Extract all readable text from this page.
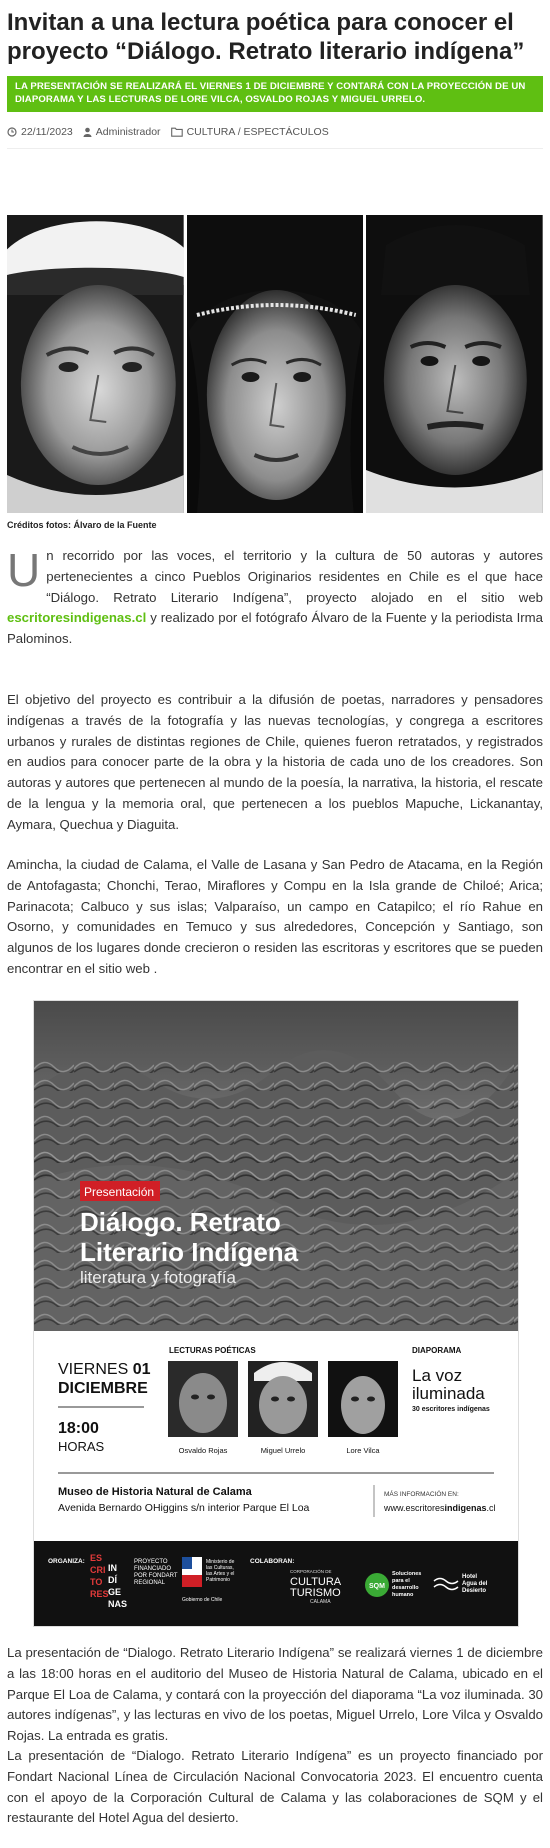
Invitan a una lectura poética para conocer el proyecto “Diálogo. Retrato literario indígena”
LA PRESENTACIÓN SE REALIZARÁ EL VIERNES 1 DE DICIEMBRE Y CONTARÁ CON LA PROYECCIÓN DE UN DIAPORAMA Y LAS LECTURAS DE LORE VILCA, OSVALDO ROJAS Y MIGUEL URRELO.
22/11/2023 Administrador CULTURA / ESPECTÁCULOS
Créditos fotos: Álvaro de la Fuente
U n recorrido por las voces, el territorio y la cultura de 50 autoras y autores pertenecientes a cinco Pueblos Originarios residentes en Chile es el que hace “Diálogo. Retrato Literario Indígena”, proyecto alojado en el sitio web escritoresindigenas.cl y realizado por el fotógrafo Álvaro de la Fuente y la periodista Irma Palominos.

El objetivo del proyecto es contribuir a la difusión de poetas, narradores y pensadores indígenas a través de la fotografía y las nuevas tecnologías, y congrega a escritores urbanos y rurales de distintas regiones de Chile, quienes fueron retratados, y registrados en audios para conocer parte de la obra y la historia de cada uno de los creadores. Son autoras y autores que pertenecen al mundo de la poesía, la narrativa, la historia, el rescate de la lengua y la memoria oral, que pertenecen a los pueblos Mapuche, Lickanantay, Aymara, Quechua y Diaguita.

Amincha, la ciudad de Calama, el Valle de Lasana y San Pedro de Atacama, en la Región de Antofagasta; Chonchi, Terao, Miraflores y Compu en la Isla grande de Chiloé; Arica; Parinacota; Calbuco y sus islas; Valparaíso, un campo en Catapilco; el río Rahue en Osorno, y comunidades en Temuco y sus alrededores, Concepción y Santiago, son algunos de los lugares donde crecieron o residen las escritoras y escritores que se pueden encontrar en el sitio web .

Presentación
Diálogo. Retrato
Literario Indígena
literatura y fotografía
VIERNES 01
DICIEMBRE
18:00
HORAS
LECTURAS POÉTICAS
Osvaldo Rojas	Miguel Urrelo	Lore Vilca
DIAPORAMA
La voz
iluminada
30 escritores indígenas
Museo de Historia Natural de Calama
Avenida Bernardo OHiggins s/n interior Parque El Loa
MÁS INFORMACIÓN EN:
www.escritoresindigenas.cl
ORGANIZA: ES
CRI
TO
RES
IN
DÍ
GE
NAS
PROYECTO
FINANCIADO
POR FONDART
REGIONAL
Ministerio de
las Culturas,
las Artes y el
Patrimonio
Gobierno de Chile
COLABORAN:
CORPORACIÓN DE
CULTURA
TURISMO
CALAMA
SQM
Soluciones
para el
desarrollo
humano
Hotel
Agua del
Desierto

La presentación de “Dialogo. Retrato Literario Indígena” se realizará viernes 1 de diciembre a las 18:00 horas en el auditorio del Museo de Historia Natural de Calama, ubicado en el Parque El Loa de Calama, y contará con la proyección del diaporama “La voz iluminada. 30 autores indígenas”, y las lecturas en vivo de los poetas, Miguel Urrelo, Lore Vilca y Osvaldo Rojas. La entrada es gratis.

La presentación de “Dialogo. Retrato Literario Indígena” es un proyecto financiado por Fondart Nacional Línea de Circulación Nacional Convocatoria 2023. El encuentro cuenta con el apoyo de la Corporación Cultural de Calama y las colaboraciones de SQM y el restaurante del Hotel Agua del desierto.
